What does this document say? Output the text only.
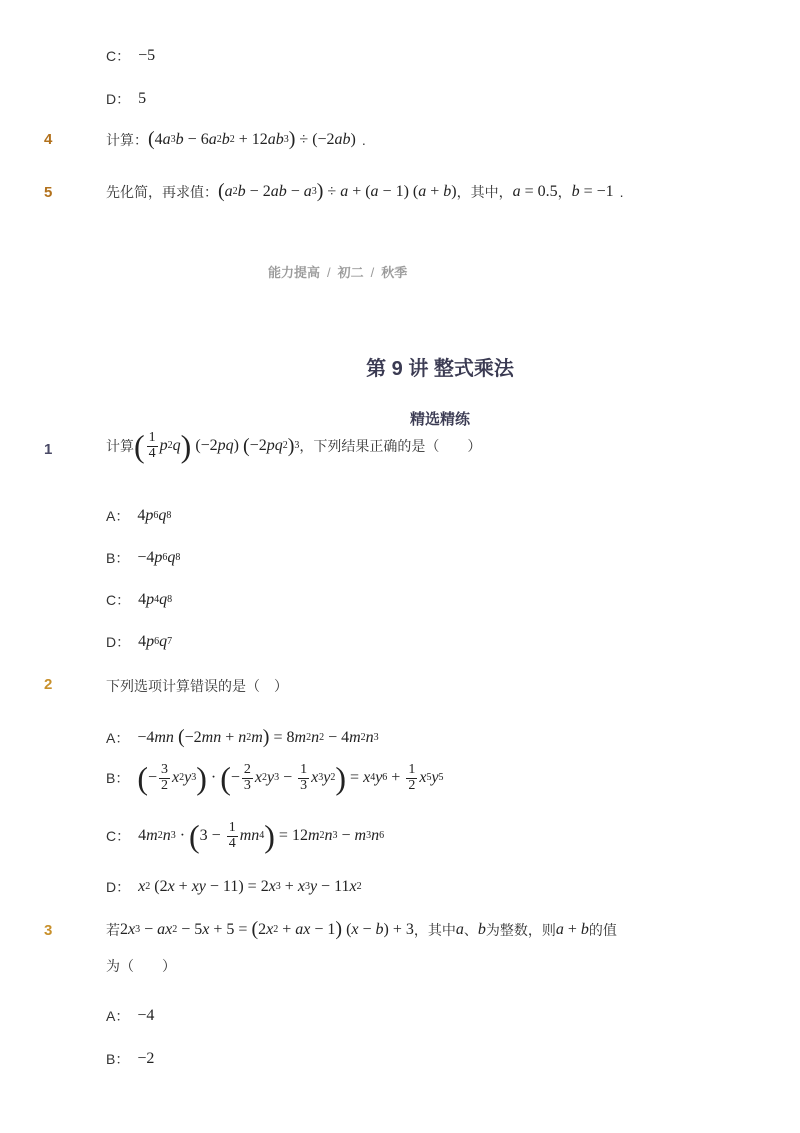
C： −5
D： 5
4	计算： ( 4 a 3 b − 6 a 2 b 2 + 12 ab 3 ) ÷ (−2 ab ) .
5	先化简，再求值： ( a 2 b − 2 ab − a 3 ) ÷ a + ( a − 1) ( a + b ) ，其中， a = 0.5 ， b = −1 .
能力提高 / 初二 / 秋季
第 9 讲 整式乘法
精选精练
1	计算 ( $\frac{1}{4}$ p 2 q ) (−2 pq ) ( −2 pq 2 ) 3 ，下列结果正确的是（　　）
A： 4 p 6 q 8
B： −4 p 6 q 8
C： 4 p 4 q 8
D： 4 p 6 q 7
2	下列选项计算错误的是（　）
A： −4 mn
( −2 mn + n 2 m ) = 8 m 2 n 2 − 4 m 2 n 3
B： ( − $\frac{3}{2}$ x 2 y 3 ) · ( − $\frac{2}{3}$ x 2 y $3 - \frac{1}{3}$ x 3 y 2 ) = x 4 y $6 + \frac{1}{2}$ x 5 y 5
C： 4 m 2 n 3 · ( $3 - \frac{1}{4}$ mn 4 ) = 12 m 2 n 3 − m 3 n 6
D： x 2 (2 x + xy − 11) = 2 x 3 + x 3 y − 11 x 2
3	若 2 x 3 − ax 2 − 5 x + 5 = ( 2 x 2 + ax − 1 ) ( x − b ) + 3 ，其中 a 、 b 为整数，则 a + b 的值
为（　　）
A： −4
B： −2
